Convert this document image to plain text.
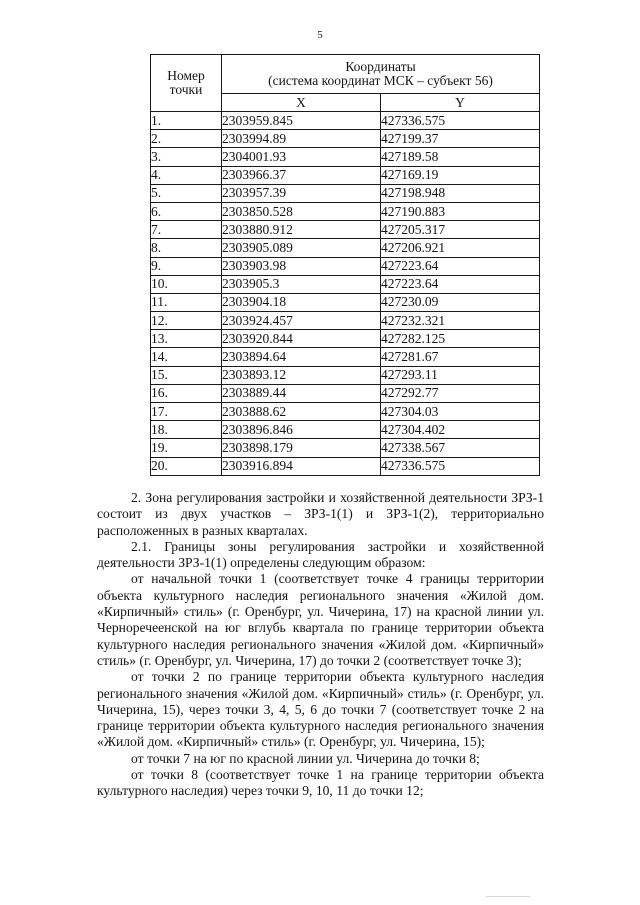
5
Номер точки	Координаты
(система координат МСК – субъект 56)	

	X	Y
1.	2303959.845	427336.575
2.	2303994.89	427199.37
3.	2304001.93	427189.58
4.	2303966.37	427169.19
5.	2303957.39	427198.948
6.	2303850.528	427190.883
7.	2303880.912	427205.317
8.	2303905.089	427206.921
9.	2303903.98	427223.64
10.	2303905.3	427223.64
11.	2303904.18	427230.09
12.	2303924.457	427232.321
13.	2303920.844	427282.125
14.	2303894.64	427281.67
15.	2303893.12	427293.11
16.	2303889.44	427292.77
17.	2303888.62	427304.03
18.	2303896.846	427304.402
19.	2303898.179	427338.567
20.	2303916.894	427336.575

2. Зона регулирования застройки и хозяйственной деятельности ЗРЗ-1 состоит из двух участков – ЗРЗ-1(1) и ЗРЗ-1(2), территориально расположенных в разных кварталах.

2.1. Границы зоны регулирования застройки и хозяйственной деятельности ЗРЗ-1(1) определены следующим образом:

от начальной точки 1 (соответствует точке 4 границы территории объекта культурного наследия регионального значения «Жилой дом. «Кирпичный» стиль» (г. Оренбург, ул. Чичерина, 17) на красной линии ул. Черноречеенской на юг вглубь квартала по границе территории объекта культурного наследия регионального значения «Жилой дом. «Кирпичный» стиль» (г. Оренбург, ул. Чичерина, 17) до точки 2 (соответствует точке 3);

от точки 2 по границе территории объекта культурного наследия регионального значения «Жилой дом. «Кирпичный» стиль» (г. Оренбург, ул. Чичерина, 15), через точки 3, 4, 5, 6 до точки 7 (соответствует точке 2 на границе территории объекта культурного наследия регионального значения «Жилой дом. «Кирпичный» стиль» (г. Оренбург, ул. Чичерина, 15);

от точки 7 на юг по красной линии ул. Чичерина до точки 8;

от точки 8 (соответствует точке 1 на границе территории объекта культурного наследия) через точки 9, 10, 11 до точки 12;
